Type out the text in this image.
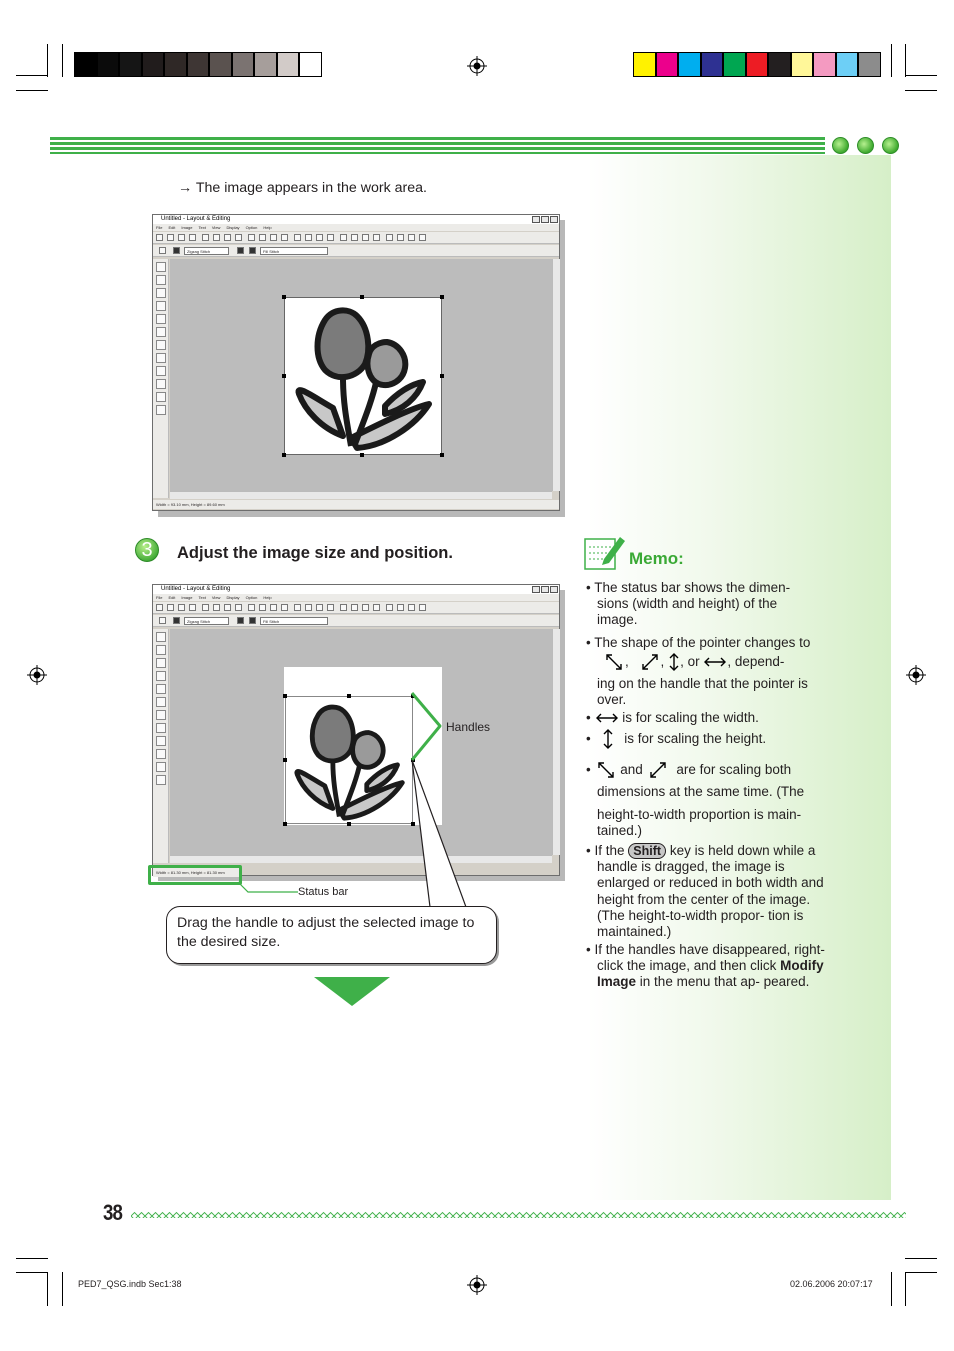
→ The image appears in the work area.
Untitled - Layout & Editing
File Edit Image Text View Display Option Help
Zigzag Stitch	Fill Stitch
Width = 93.10 mm, Height = 89.60 mm
3	Adjust the image size and position.
Untitled - Layout & Editing
File Edit Image Text View Display Option Help
Zigzag Stitch	Fill Stitch
Width = 81.30 mm, Height = 81.30 mm
Status bar
Handles
Drag the handle to adjust the selected image to the desired size.
Memo:
• The status bar shows the dimen- sions (width and height) of the image.
• The shape of the pointer changes to
, , , or , depend-
ing on the handle that the pointer is over.
• is for scaling the width.
• is for scaling the height.
• and are for scaling both
dimensions at the same time. (The
height-to-width proportion is main- tained.)
• If the Shift key is held down while a handle is dragged, the image is enlarged or reduced in both width and height from the center of the image. (The height-to-width propor- tion is maintained.)
• If the handles have disappeared, right-click the image, and then click Modify Image in the menu that ap- peared.
38
PED7_QSG.indb Sec1:38	02.06.2006 20:07:17
